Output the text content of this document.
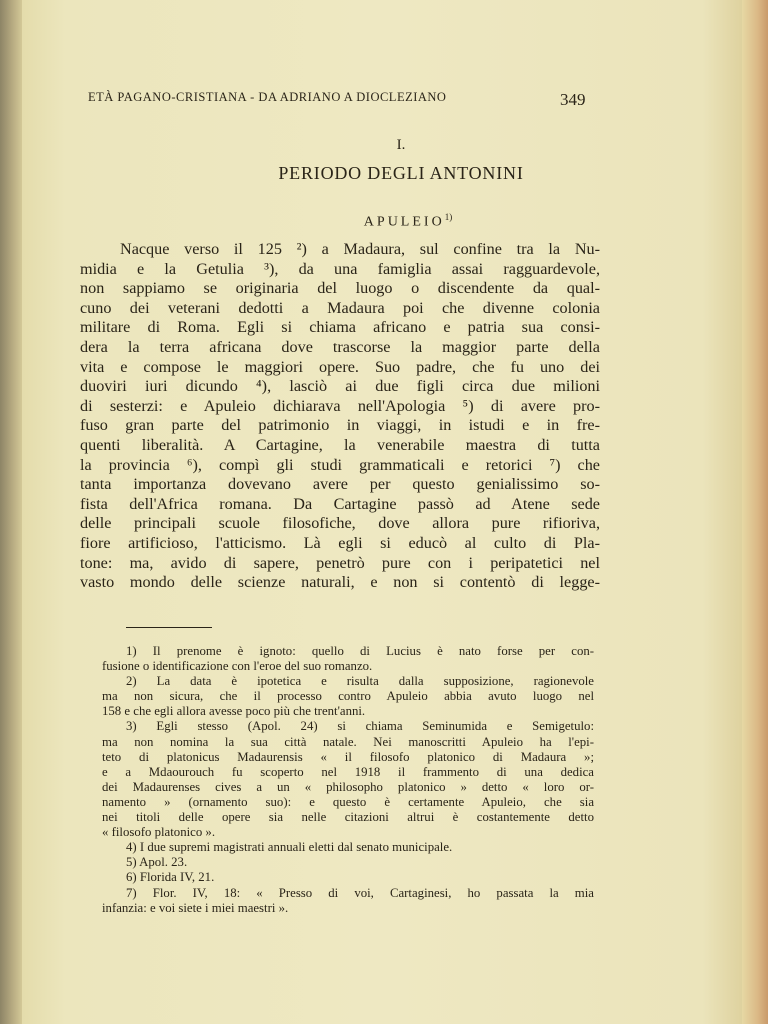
ETÀ PAGANO-CRISTIANA - DA ADRIANO A DIOCLEZIANO	349
I.
PERIODO DEGLI ANTONINI
APULEIO$^{1)}$
Nacque verso il 125 ²) a Madaura, sul confine tra la Nu-
midia e la Getulia ³), da una famiglia assai ragguardevole,
non sappiamo se originaria del luogo o discendente da qual-
cuno dei veterani dedotti a Madaura poi che divenne colonia
militare di Roma. Egli si chiama africano e patria sua consi-
dera la terra africana dove trascorse la maggior parte della
vita e compose le maggiori opere. Suo padre, che fu uno dei
duoviri iuri dicundo ⁴), lasciò ai due figli circa due milioni
di sesterzi: e Apuleio dichiarava nell'Apologia ⁵) di avere pro-
fuso gran parte del patrimonio in viaggi, in istudi e in fre-
quenti liberalità. A Cartagine, la venerabile maestra di tutta
la provincia ⁶), compì gli studi grammaticali e retorici ⁷) che
tanta importanza dovevano avere per questo genialissimo so-
fista dell'Africa romana. Da Cartagine passò ad Atene sede
delle principali scuole filosofiche, dove allora pure rifioriva,
fiore artificioso, l'atticismo. Là egli si educò al culto di Pla-
tone: ma, avido di sapere, penetrò pure con i peripatetici nel
vasto mondo delle scienze naturali, e non si contentò di legge-
1) Il prenome è ignoto: quello di Lucius è nato forse per con-
fusione o identificazione con l'eroe del suo romanzo.
2) La data è ipotetica e risulta dalla supposizione, ragionevole
ma non sicura, che il processo contro Apuleio abbia avuto luogo nel
158 e che egli allora avesse poco più che trent'anni.
3) Egli stesso (Apol. 24) si chiama Seminumida e Semigetulo:
ma non nomina la sua città natale. Nei manoscritti Apuleio ha l'epi-
teto di platonicus Madaurensis « il filosofo platonico di Madaura »;
e a Mdaourouch fu scoperto nel 1918 il frammento di una dedica
dei Madaurenses cives a un « philosopho platonico » detto « loro or-
namento » (ornamento suo): e questo è certamente Apuleio, che sia
nei titoli delle opere sia nelle citazioni altrui è costantemente detto
« filosofo platonico ».
4) I due supremi magistrati annuali eletti dal senato municipale.
5) Apol. 23.
6) Florida IV, 21.
7) Flor. IV, 18: « Presso di voi, Cartaginesi, ho passata la mia
infanzia: e voi siete i miei maestri ».
